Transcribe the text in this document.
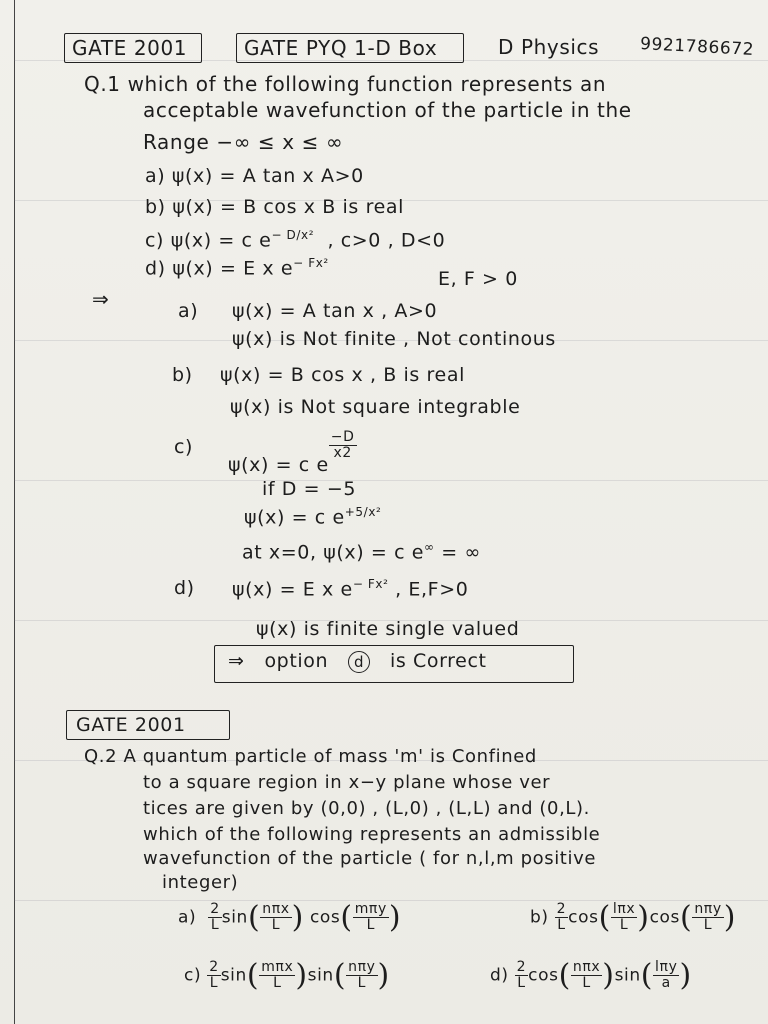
GATE 2001	GATE PYQ 1-D Box	D Physics 9921786672
Q.1 which of the following function represents an
acceptable wavefunction of the particle in the
Range −∞ ≤ x ≤ ∞
a) ψ(x) = A tan x A>0
b) ψ(x) = B cos x B is real
c) ψ(x) = c $e^{- D/x^2}$ , c>0 , D<0
d) ψ(x) = E x $e^{- Fx^2}$
E, F > 0
⇒	a) ψ(x) = A tan x , A>0
ψ(x) is Not finite , Not continous
b) ψ(x) = B cos x , B is real
ψ(x) is Not square integrable
c)
ψ(x) = c e
$\frac{-D}{x2}$
if D = −5
ψ(x) = c $e^{+5/x^2}$
at x=0, ψ(x) = c e∞ = ∞
d) ψ(x) = E x $e^{- Fx^2}$ , E,F>0
ψ(x) is finite single valued
⇒ option d is Correct
GATE 2001
Q.2 A quantum particle of mass 'm' is Confined
to a square region in x−y plane whose ver
tices are given by (0,0) , (L,0) , (L,L) and (0,L).
which of the following represents an admissible
wavefunction of the particle ( for n,l,m positive
integer)
$a) \frac{2}{L} \sin( \frac{\text{nπx}}{L}$ ) $\cos( \frac{\text{mπy}}{L}$ )	$b) \frac{2}{L} \cos( \frac{\text{lπx}}{L} )\cos( \frac{\text{nπy}}{L}$ )
$c) \frac{2}{L} \sin( \frac{\text{mπx}}{L} )\sin( \frac{\text{nπy}}{L}$ )	$d) \frac{2}{L} \cos( \frac{\text{nπx}}{L} )\sin( \frac{\text{lπy}}{a}$ )
